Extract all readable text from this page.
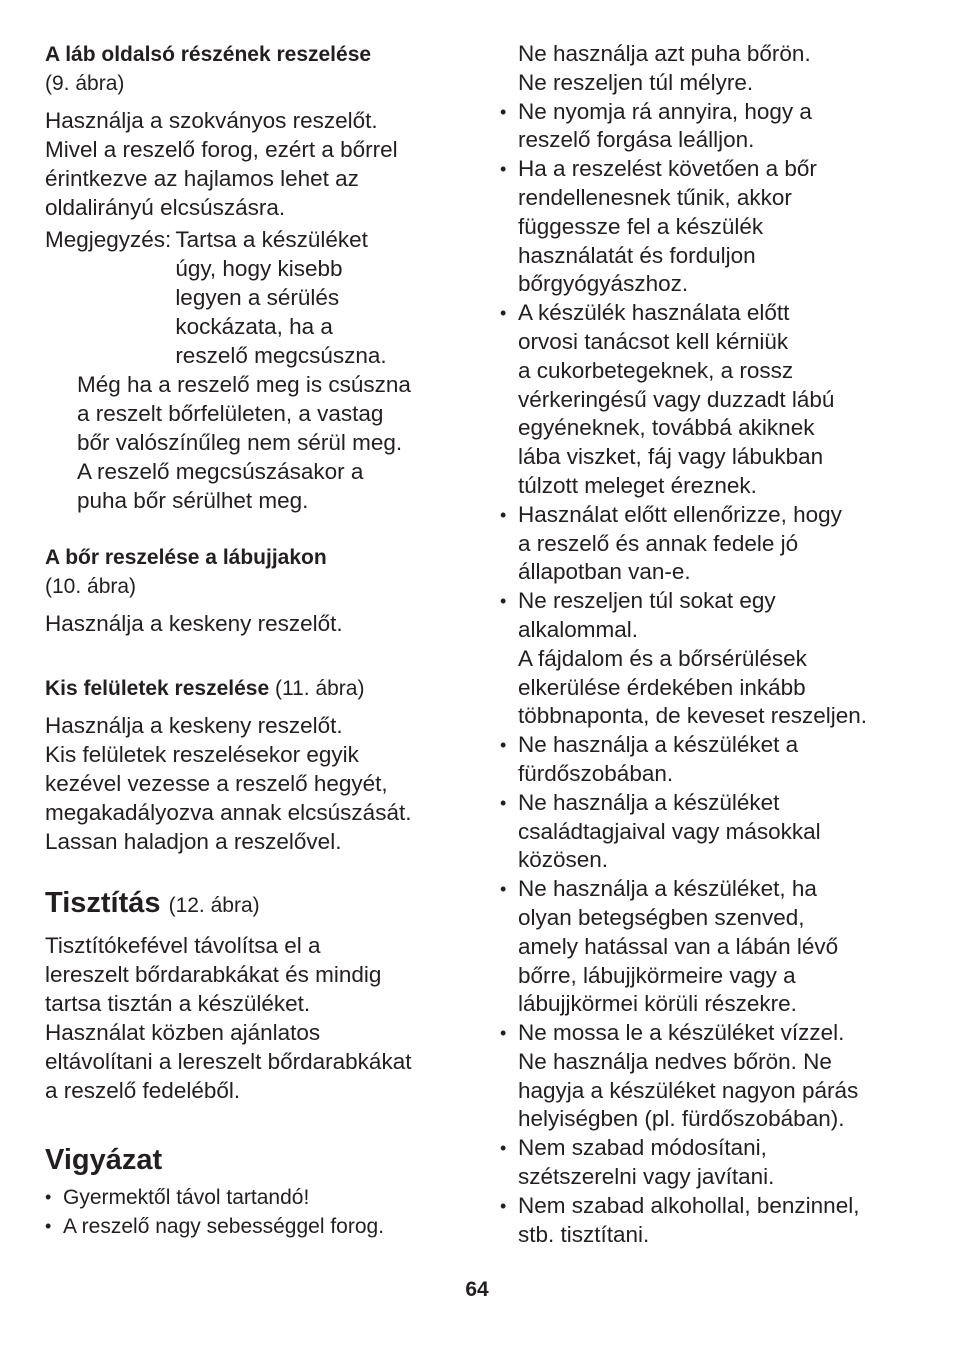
A láb oldalsó részének reszelése

(9. ábra)

Használja a szokványos reszelőt.
Mivel a reszelő forog, ezért a bőrrel
érintkezve az hajlamos lehet az
oldalirányú elcsúszásra.
Megjegyzés: Tartsa a készüléket
úgy, hogy kisebb
legyen a sérülés
kockázata, ha a
reszelő megcsúszna.
Még ha a reszelő meg is csúszna
a reszelt bőrfelületen, a vastag
bőr valószínűleg nem sérül meg.
A reszelő megcsúszásakor a
puha bőr sérülhet meg.

A bőr reszelése a lábujjakon

(10. ábra)

Használja a keskeny reszelőt.

Kis felületek reszelése (11. ábra)

Használja a keskeny reszelőt.
Kis felületek reszelésekor egyik
kezével vezesse a reszelő hegyét,
megakadályozva annak elcsúszását.
Lassan haladjon a reszelővel.

Tisztítás (12. ábra)

Tisztítókefével távolítsa el a
lereszelt bőrdarabkákat és mindig
tartsa tisztán a készüléket.
Használat közben ajánlatos
eltávolítani a lereszelt bőrdarabkákat
a reszelő fedeléből.

Vigyázat

• Gyermektől távol tartandó!
• A reszelő nagy sebességgel forog.
Ne használja azt puha bőrön.
Ne reszeljen túl mélyre.
• Ne nyomja rá annyira, hogy a
reszelő forgása leálljon.
• Ha a reszelést követően a bőr
rendellenesnek tűnik, akkor
függessze fel a készülék
használatát és forduljon
bőrgyógyászhoz.
• A készülék használata előtt
orvosi tanácsot kell kérniük
a cukorbetegeknek, a rossz
vérkeringésű vagy duzzadt lábú
egyéneknek, továbbá akiknek
lába viszket, fáj vagy lábukban
túlzott meleget éreznek.
• Használat előtt ellenőrizze, hogy
a reszelő és annak fedele jó
állapotban van-e.
• Ne reszeljen túl sokat egy
alkalommal.
A fájdalom és a bőrsérülések
elkerülése érdekében inkább
többnaponta, de keveset reszeljen.
• Ne használja a készüléket a
fürdőszobában.
• Ne használja a készüléket
családtagjaival vagy másokkal
közösen.
• Ne használja a készüléket, ha
olyan betegségben szenved,
amely hatással van a lábán lévő
bőrre, lábujjkörmeire vagy a
lábujjkörmei körüli részekre.
• Ne mossa le a készüléket vízzel.
Ne használja nedves bőrön. Ne
hagyja a készüléket nagyon párás
helyiségben (pl. fürdőszobában).
• Nem szabad módosítani,
szétszerelni vagy javítani.
• Nem szabad alkohollal, benzinnel,
stb. tisztítani.
64
